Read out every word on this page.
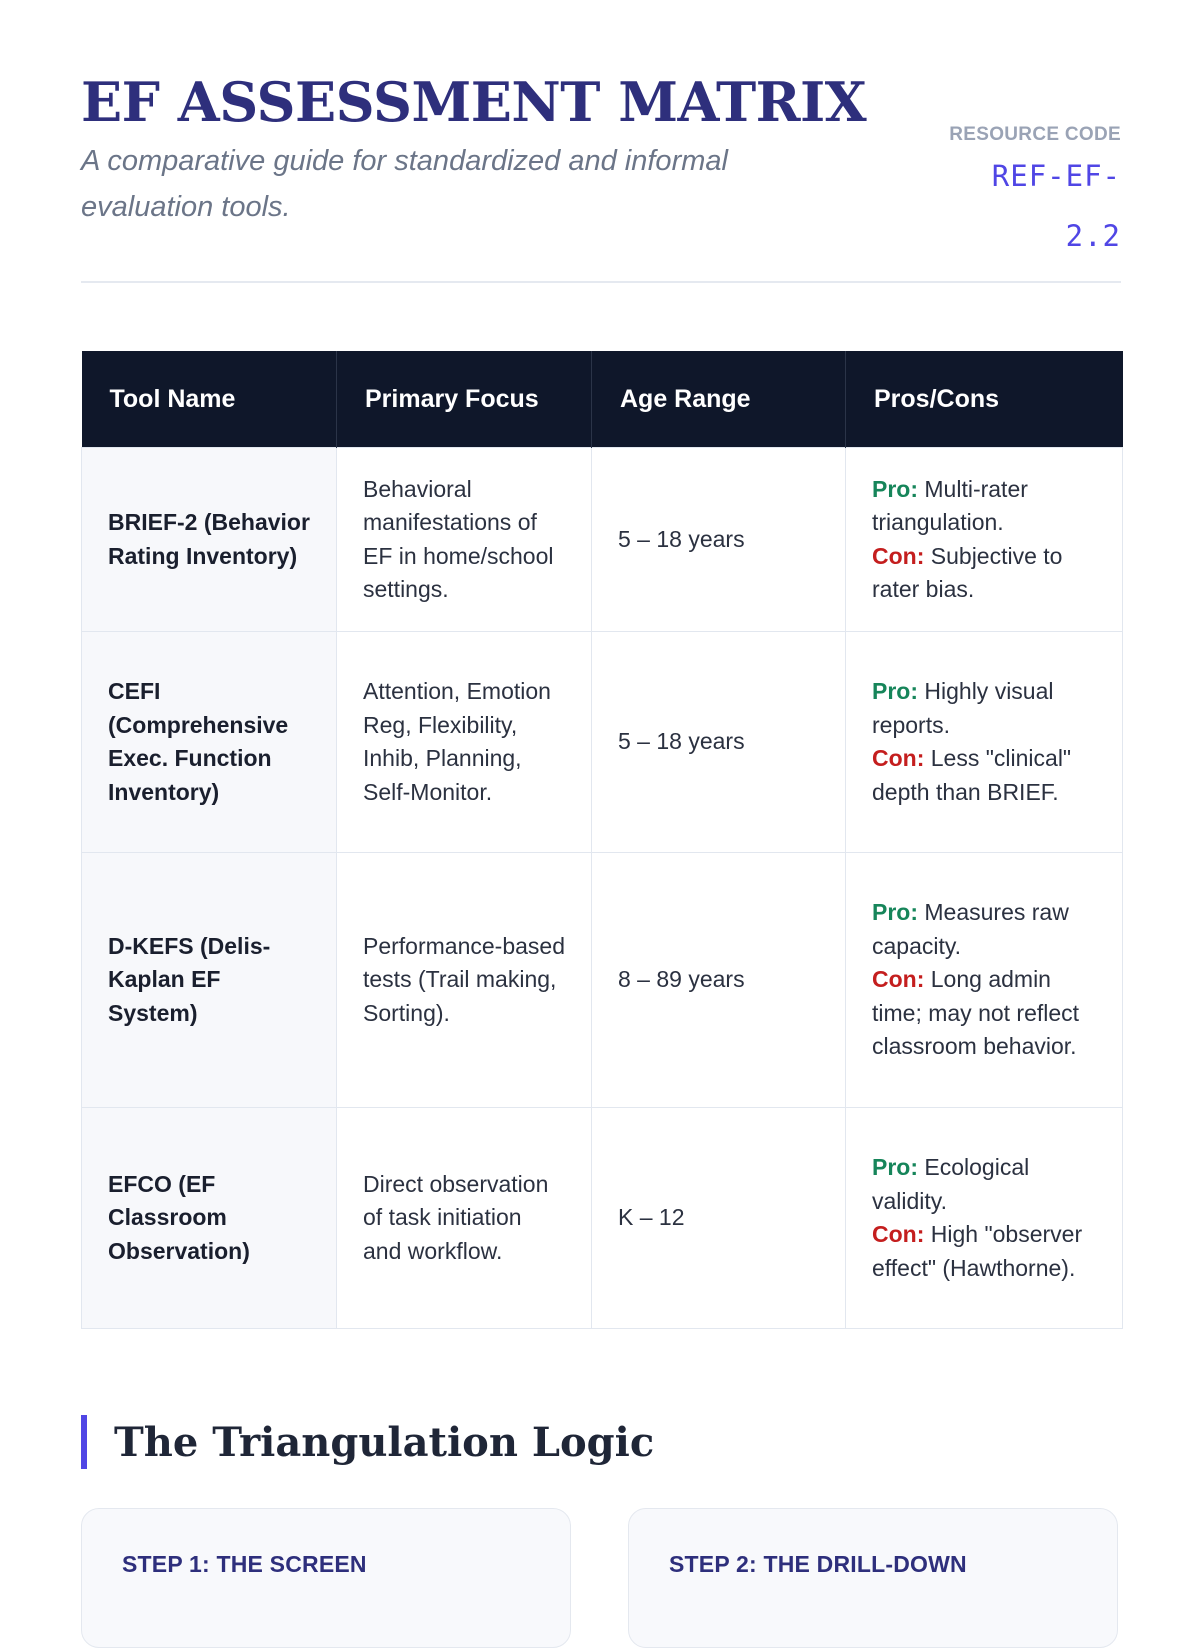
EF ASSESSMENT MATRIX
A comparative guide for standardized and informal evaluation tools.
RESOURCE CODE
REF-EF-2.2
Tool Name	Primary Focus	Age Range	Pros/Cons
BRIEF-2 (Behavior Rating Inventory)	Behavioral manifestations of EF in home/school settings.	5 – 18 years	Pro: Multi-rater triangulation.
Con: Subjective to rater bias.
CEFI (Comprehensive Exec. Function Inventory)	Attention, Emotion Reg, Flexibility, Inhib, Planning, Self-Monitor.	5 – 18 years	Pro: Highly visual reports.
Con: Less "clinical" depth than BRIEF.
D-KEFS (Delis-Kaplan EF System)	Performance-based tests (Trail making, Sorting).	8 – 89 years	Pro: Measures raw capacity.
Con: Long admin time; may not reflect classroom behavior.
EFCO (EF Classroom Observation)	Direct observation of task initiation and workflow.	K – 12	Pro: Ecological validity.
Con: High "observer effect" (Hawthorne).
The Triangulation Logic
STEP 1: THE SCREEN	STEP 2: THE DRILL-DOWN
